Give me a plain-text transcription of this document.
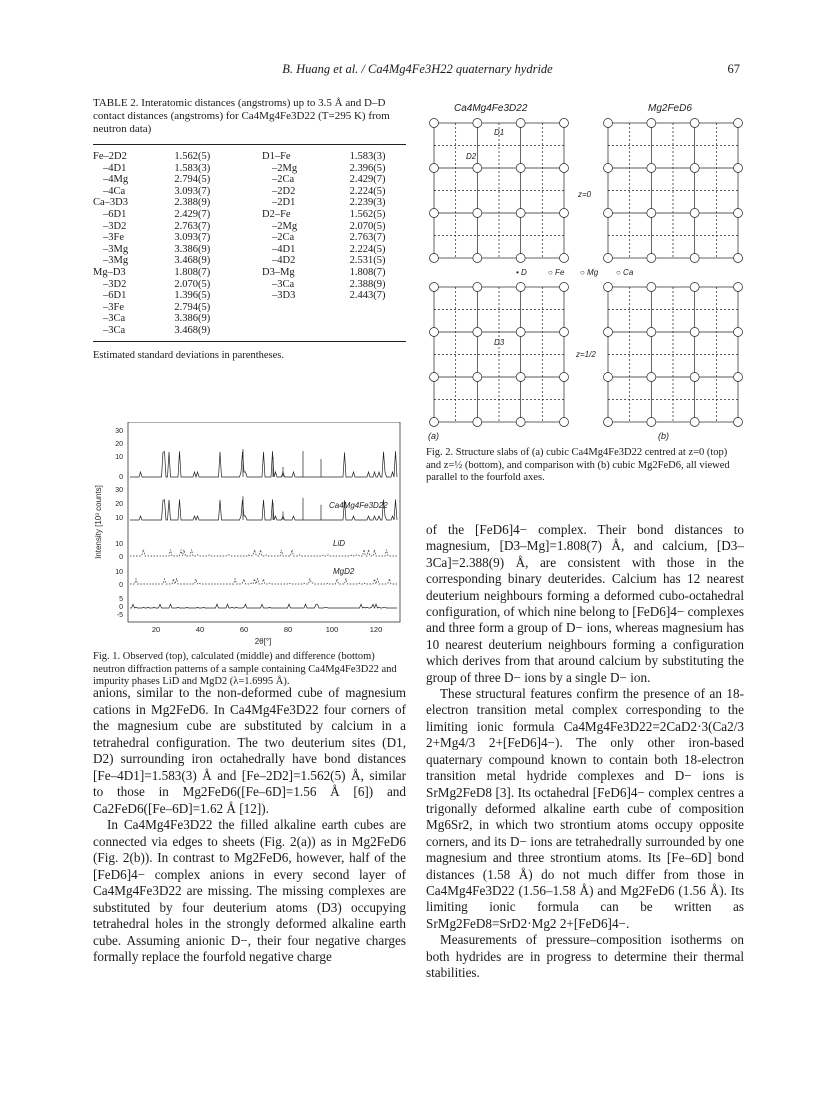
B. Huang et al. / Ca4Mg4Fe3H22 quaternary hydride	67
TABLE 2. Interatomic distances (angstroms) up to 3.5 Å and D–D contact distances (angstroms) for Ca4Mg4Fe3D22 (T=295 K) from neutron data)
Fe–2D2	1.562(5)	D1–Fe	1.583(3)
–4D1	1.583(3)	–2Mg	2.396(5)
–4Mg	2.794(5)	–2Ca	2.429(7)
–4Ca	3.093(7)	–2D2	2.224(5)
Ca–3D3	2.388(9)	–2D1	2.239(3)
–6D1	2.429(7)	D2–Fe	1.562(5)
–3D2	2.763(7)	–2Mg	2.070(5)
–3Fe	3.093(7)	–2Ca	2.763(7)
–3Mg	3.386(9)	–4D1	2.224(5)
–3Mg	3.468(9)	–4D2	2.531(5)
Mg–D3	1.808(7)	D3–Mg	1.808(7)
–3D2	2.070(5)	–3Ca	2.388(9)
–6D1	1.396(5)	–3D3	2.443(7)
–3Fe	2.794(5)		
–3Ca	3.386(9)		
–3Ca	3.468(9)		
Estimated standard deviations in parentheses.
30
20
10
0
30
20
10
10
0
10
0
5
0
-5
Intensity [10³ counts]
20	40	60	80	100	120
2θ[°]
Ca4Mg4Fe3D22
LiD
MgD2
Fig. 1. Observed (top), calculated (middle) and difference (bottom) neutron diffraction patterns of a sample containing Ca4Mg4Fe3D22 and impurity phases LiD and MgD2 (λ=1.6995 Å).

anions, similar to the non-deformed cube of magnesium cations in Mg2FeD6. In Ca4Mg4Fe3D22 four corners of the magnesium cube are substituted by calcium in a tetrahedral configuration. The two deuterium sites (D1, D2) surrounding iron octahedrally have bond distances [Fe–4D1]=1.583(3) Å and [Fe–2D2]=1.562(5) Å, similar to those in Mg2FeD6([Fe–6D]=1.56 Å [6]) and Ca2FeD6([Fe–6D]=1.62 Å [12]).

In Ca4Mg4Fe3D22 the filled alkaline earth cubes are connected via edges to sheets (Fig. 2(a)) as in Mg2FeD6 (Fig. 2(b)). In contrast to Mg2FeD6, however, half of the [FeD6]4− complex anions in every second layer of Ca4Mg4Fe3D22 are missing. The missing complexes are substituted by four deuterium atoms (D3) occupying tetrahedral holes in the strongly deformed alkaline earth cube. Assuming anionic D−, their four negative charges formally replace the fourfold negative charge

Ca4Mg4Fe3D22	Mg2FeD6
z=0
z=1/2
• D	○ Fe ○ Mg ○ Ca
D1
D2
D3
(a)	(b)
Fig. 2. Structure slabs of (a) cubic Ca4Mg4Fe3D22 centred at z=0 (top) and z=½ (bottom), and comparison with (b) cubic Mg2FeD6, all viewed parallel to the fourfold axes.

of the [FeD6]4− complex. Their bond distances to magnesium, [D3–Mg]=1.808(7) Å, and calcium, [D3–3Ca]=2.388(9) Å, are consistent with those in the corresponding binary deuterides. Calcium has 12 nearest deuterium neighbours forming a deformed cubo-octahedral configuration, of which nine belong to [FeD6]4− complexes and three form a group of D− ions, whereas magnesium has 10 nearest deuterium neighbours forming a configuration which derives from that around calcium by substituting the group of three D− ions by a single D− ion.

These structural features confirm the presence of an 18-electron transition metal complex corresponding to the limiting ionic formula Ca4Mg4Fe3D22=2CaD2·3(Ca2/3 2+Mg4/3 2+[FeD6]4−). The only other iron-based quaternary compound known to contain both 18-electron transition metal hydride complexes and D− ions is SrMg2FeD8 [3]. Its octahedral [FeD6]4− complex centres a trigonally deformed alkaline earth cube of composition Mg6Sr2, in which two strontium atoms occupy opposite corners, and its D− ions are tetrahedrally surrounded by one magnesium and three strontium atoms. Its [Fe–6D] bond distances (1.58 Å) do not much differ from those in Ca4Mg4Fe3D22 (1.56–1.58 Å) and Mg2FeD6 (1.56 Å). Its limiting ionic formula can be written as SrMg2FeD8=SrD2·Mg2 2+[FeD6]4−.

Measurements of pressure–composition isotherms on both hydrides are in progress to determine their thermal stabilities.
